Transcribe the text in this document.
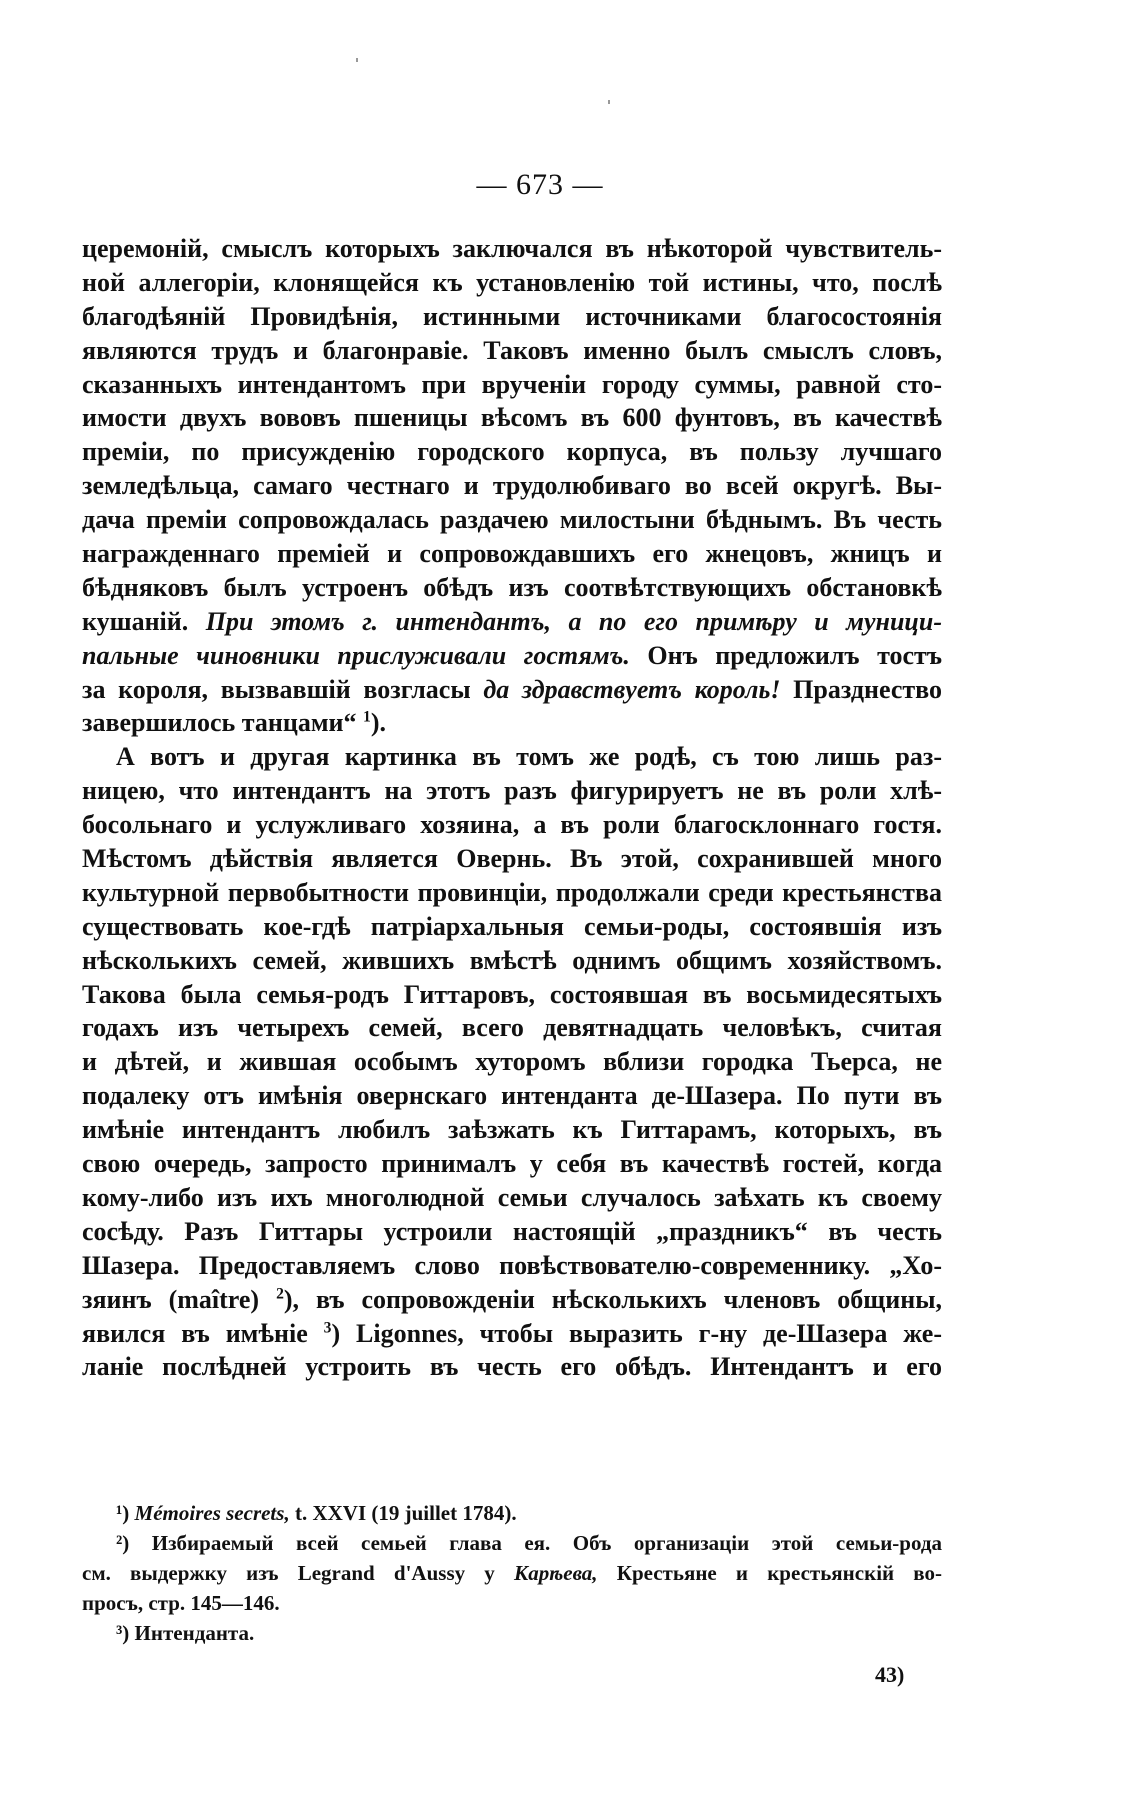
— 673 —
церемоній, смыслъ которыхъ заключался въ нѣкоторой чувствитель-
ной аллегоріи, клонящейся къ установленію той истины, что, послѣ
благодѣяній Провидѣнія, истинными источниками благосостоянія
являются трудъ и благонравіе. Таковъ именно былъ смыслъ словъ,
сказанныхъ интендантомъ при врученіи городу суммы, равной сто-
имости двухъ вововъ пшеницы вѣсомъ въ 600 фунтовъ, въ качествѣ
преміи, по присужденію городского корпуса, въ пользу лучшаго
земледѣльца, самаго честнаго и трудолюбиваго во всей округѣ. Вы-
дача преміи сопровождалась раздачею милостыни бѣднымъ. Въ честь
награжденнаго преміей и сопровождавшихъ его жнецовъ, жницъ и
бѣдняковъ былъ устроенъ обѣдъ изъ соотвѣтствующихъ обстановкѣ
кушаній. При этомъ г. интендантъ, а по его примѣру и муници-
пальные чиновники прислуживали гостямъ. Онъ предложилъ тостъ
за короля, вызвавшій возгласы да здравствуетъ король! Празднество
завершилось танцами“ $^1$).
А вотъ и другая картинка въ томъ же родѣ, съ тою лишь раз-
ницею, что интендантъ на этотъ разъ фигурируетъ не въ роли хлѣ-
босольнаго и услужливаго хозяина, а въ роли благосклоннаго гостя.
Мѣстомъ дѣйствія является Овернь. Въ этой, сохранившей много
культурной первобытности провинціи, продолжали среди крестьянства
существовать кое-гдѣ патріархальныя семьи-роды, состоявшія изъ
нѣсколькихъ семей, жившихъ вмѣстѣ однимъ общимъ хозяйствомъ.
Такова была семья-родъ Гиттаровъ, состоявшая въ восьмидесятыхъ
годахъ изъ четырехъ семей, всего девятнадцать человѣкъ, считая
и дѣтей, и жившая особымъ хуторомъ вблизи городка Тьерса, не
подалеку отъ имѣнія овернскаго интенданта де-Шазера. По пути въ
имѣніе интендантъ любилъ заѣзжать къ Гиттарамъ, которыхъ, въ
свою очередь, запросто принималъ у себя въ качествѣ гостей, когда
кому-либо изъ ихъ многолюдной семьи случалось заѣхать къ своему
сосѣду. Разъ Гиттары устроили настоящій „праздникъ“ въ честь
Шазера. Предоставляемъ слово повѣствователю-современнику. „Хо-
зяинъ (maître) $^2$), въ сопровожденіи нѣсколькихъ членовъ общины,
явился въ имѣніе $^3$) Ligonnes, чтобы выразить г-ну де-Шазера же-
ланіе послѣдней устроить въ честь его обѣдъ. Интендантъ и его
¹) Mémoires secrets, t. XXVI (19 juillet 1784).
²) Избираемый всей семьей глава ея. Объ организаціи этой семьи-рода
см. выдержку изъ Legrand d'Aussy у Карѣева, Крестьяне и крестьянскій во-
просъ, стр. 145—146.
³) Интенданта.
43)
